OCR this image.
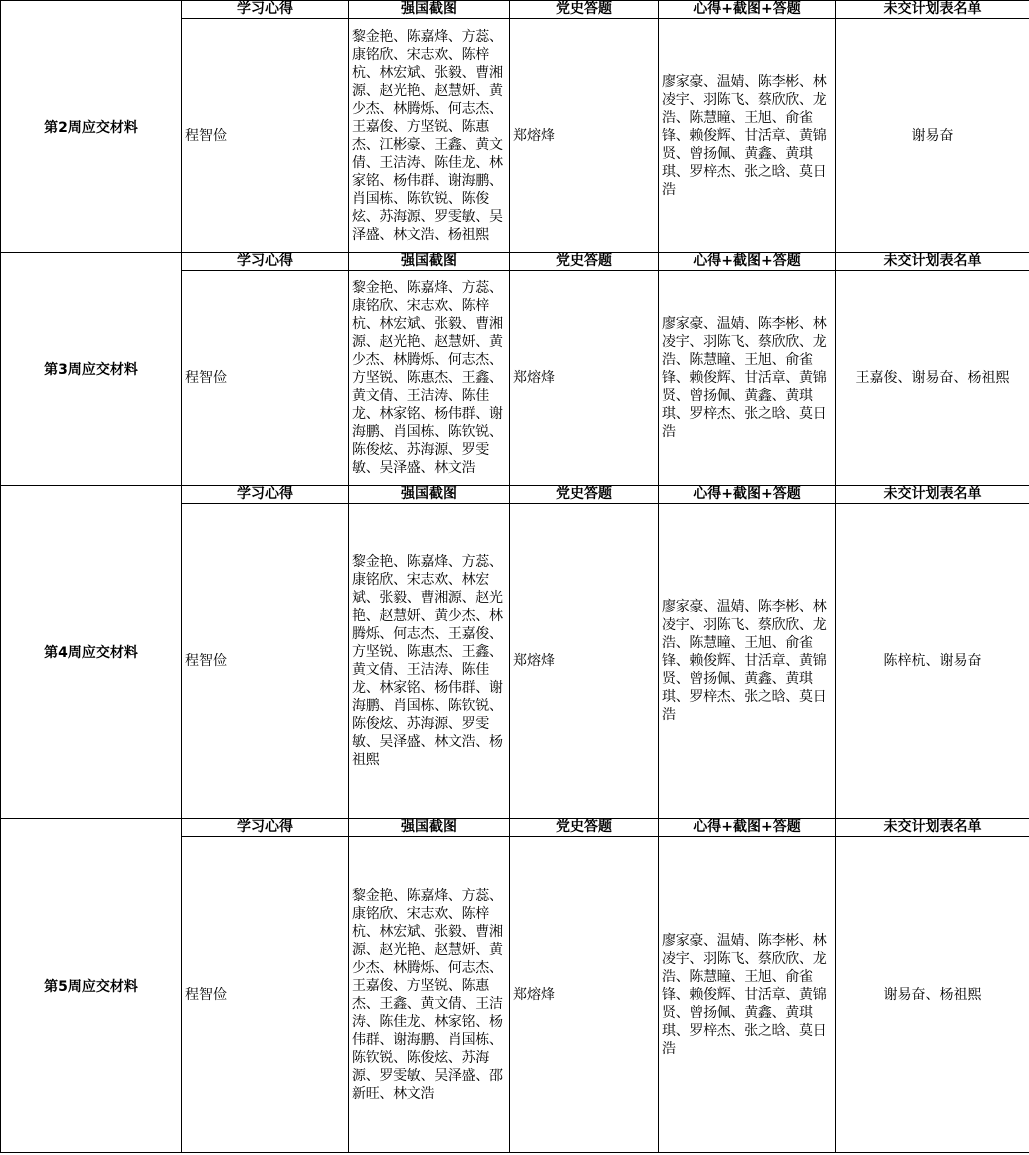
第2周应交材料	学习心得	强国截图	党史答题	心得+截图+答题	未交计划表名单
	程智俭	黎金艳、陈嘉烽、方蕊、康铭欣、宋志欢、陈梓杭、林宏斌、张毅、曹湘源、赵光艳、赵慧妍、黄少杰、林腾烁、何志杰、王嘉俊、方坚锐、陈惠杰、江彬豪、王鑫、黄文倩、王洁涛、陈佳龙、林家铭、杨伟群、谢海鹏、肖国栋、陈钦锐、陈俊炫、苏海源、罗雯敏、吴泽盛、林文浩、杨祖熙	郑熔烽	廖家豪、温婧、陈李彬、林凌宇、羽陈飞、蔡欣欣、龙浩、陈慧瞳、王旭、俞雀锋、赖俊辉、甘活章、黄锦贤、曾扬佩、黄鑫、黄琪琪、罗梓杰、张之晗、莫日浩	谢易奋
第3周应交材料	学习心得	强国截图	党史答题	心得+截图+答题	未交计划表名单
	程智俭	黎金艳、陈嘉烽、方蕊、康铭欣、宋志欢、陈梓杭、林宏斌、张毅、曹湘源、赵光艳、赵慧妍、黄少杰、林腾烁、何志杰、方坚锐、陈惠杰、王鑫、黄文倩、王洁涛、陈佳龙、林家铭、杨伟群、谢海鹏、肖国栋、陈钦锐、陈俊炫、苏海源、罗雯敏、吴泽盛、林文浩	郑熔烽	廖家豪、温婧、陈李彬、林凌宇、羽陈飞、蔡欣欣、龙浩、陈慧瞳、王旭、俞雀锋、赖俊辉、甘活章、黄锦贤、曾扬佩、黄鑫、黄琪琪、罗梓杰、张之晗、莫日浩	王嘉俊、谢易奋、杨祖熙
第4周应交材料	学习心得	强国截图	党史答题	心得+截图+答题	未交计划表名单
	程智俭	黎金艳、陈嘉烽、方蕊、康铭欣、宋志欢、林宏斌、张毅、曹湘源、赵光艳、赵慧妍、黄少杰、林腾烁、何志杰、王嘉俊、方坚锐、陈惠杰、王鑫、黄文倩、王洁涛、陈佳龙、林家铭、杨伟群、谢海鹏、肖国栋、陈钦锐、陈俊炫、苏海源、罗雯敏、吴泽盛、林文浩、杨祖熙	郑熔烽	廖家豪、温婧、陈李彬、林凌宇、羽陈飞、蔡欣欣、龙浩、陈慧瞳、王旭、俞雀锋、赖俊辉、甘活章、黄锦贤、曾扬佩、黄鑫、黄琪琪、罗梓杰、张之晗、莫日浩	陈梓杭、谢易奋
第5周应交材料	学习心得	强国截图	党史答题	心得+截图+答题	未交计划表名单
	程智俭	黎金艳、陈嘉烽、方蕊、康铭欣、宋志欢、陈梓杭、林宏斌、张毅、曹湘源、赵光艳、赵慧妍、黄少杰、林腾烁、何志杰、王嘉俊、方坚锐、陈惠杰、王鑫、黄文倩、王洁涛、陈佳龙、林家铭、杨伟群、谢海鹏、肖国栋、陈钦锐、陈俊炫、苏海源、罗雯敏、吴泽盛、邵新旺、林文浩	郑熔烽	廖家豪、温婧、陈李彬、林凌宇、羽陈飞、蔡欣欣、龙浩、陈慧瞳、王旭、俞雀锋、赖俊辉、甘活章、黄锦贤、曾扬佩、黄鑫、黄琪琪、罗梓杰、张之晗、莫日浩	谢易奋、杨祖熙
